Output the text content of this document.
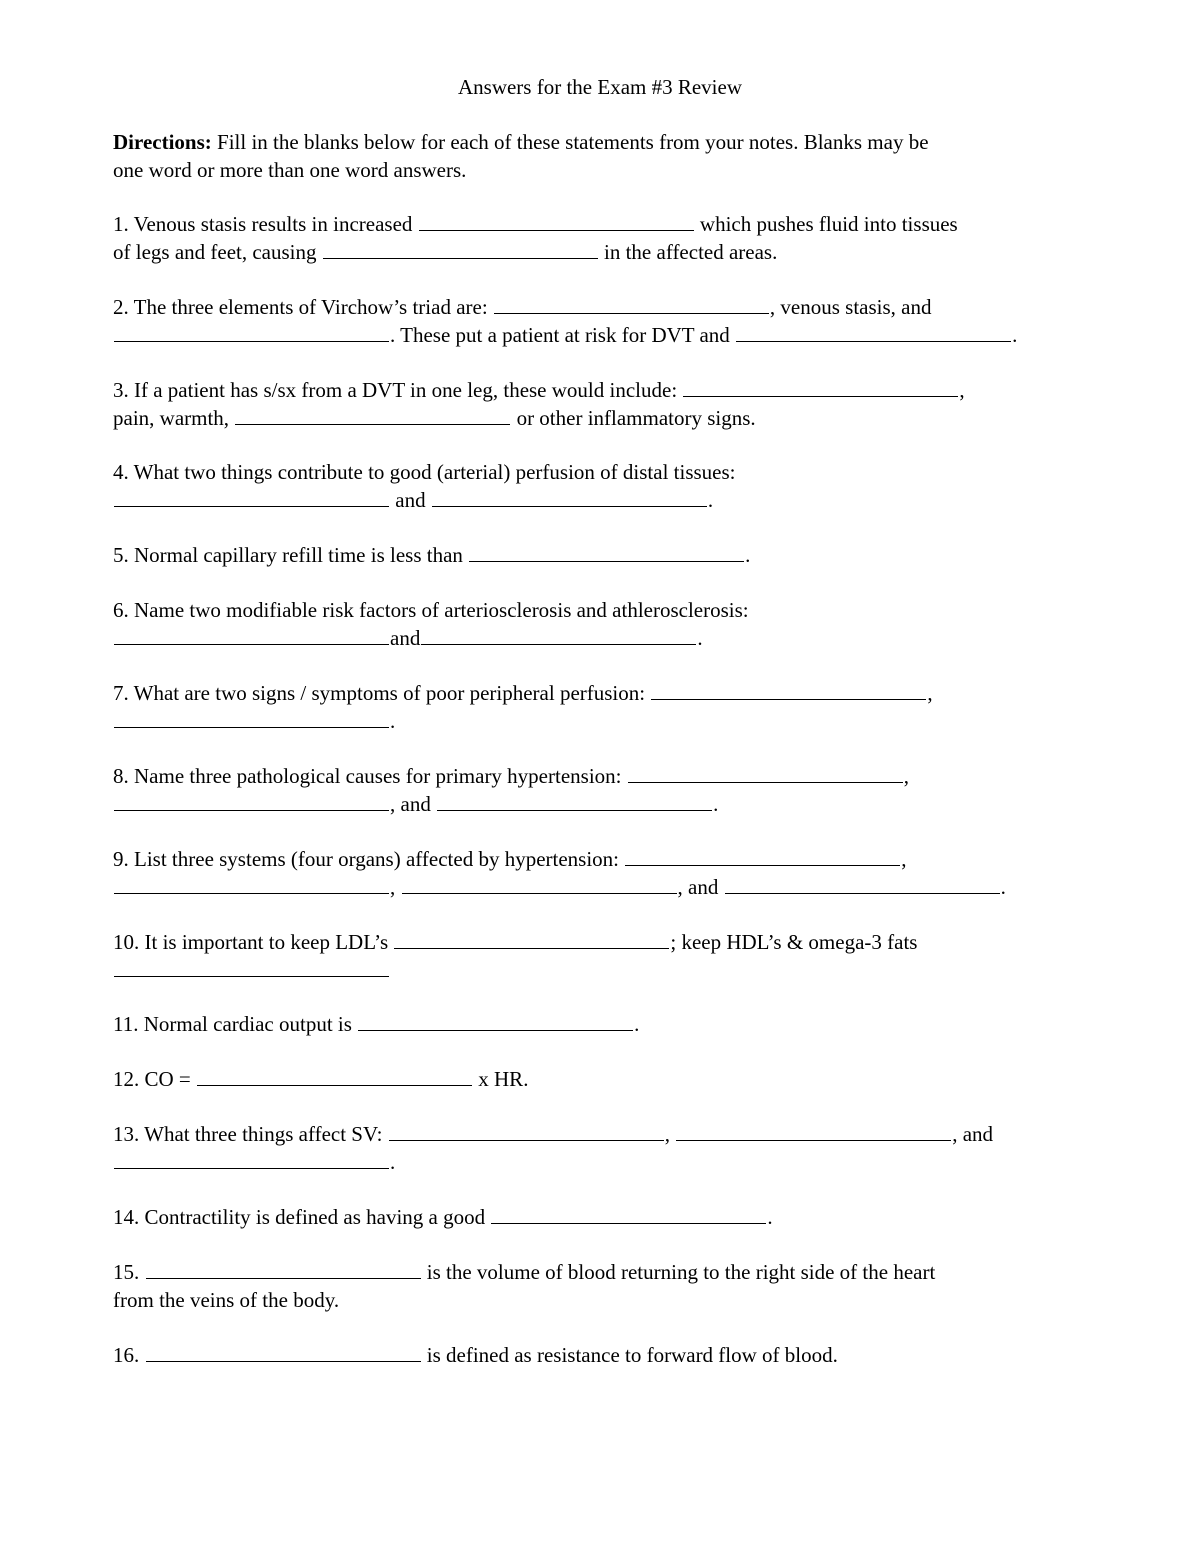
Answers for the Exam #3 Review
Directions: Fill in the blanks below for each of these statements from your notes. Blanks may be
one word or more than one word answers.
1. Venous stasis results in increased	which pushes fluid into tissues
of legs and feet, causing	in the affected areas.
2. The three elements of Virchow’s triad are:	, venous stasis, and
. These put a patient at risk for DVT and	.
3. If a patient has s/sx from a DVT in one leg, these would include:	,
pain, warmth,	or other inflammatory signs.
4. What two things contribute to good (arterial) perfusion of distal tissues:
and	.
5. Normal capillary refill time is less than	.
6. Name two modifiable risk factors of arteriosclerosis and athlerosclerosis:
and	.
7. What are two signs / symptoms of poor peripheral perfusion:	,
.
8. Name three pathological causes for primary hypertension:	,
, and	.
9. List three systems (four organs) affected by hypertension:	,
,	, and	.
10. It is important to keep LDL’s	; keep HDL’s & omega-3 fats
11. Normal cardiac output is	.
12. CO =	x HR.
13. What three things affect SV:	,	, and
.
14. Contractility is defined as having a good	.
15.	is the volume of blood returning to the right side of the heart
from the veins of the body.
16.	is defined as resistance to forward flow of blood.
